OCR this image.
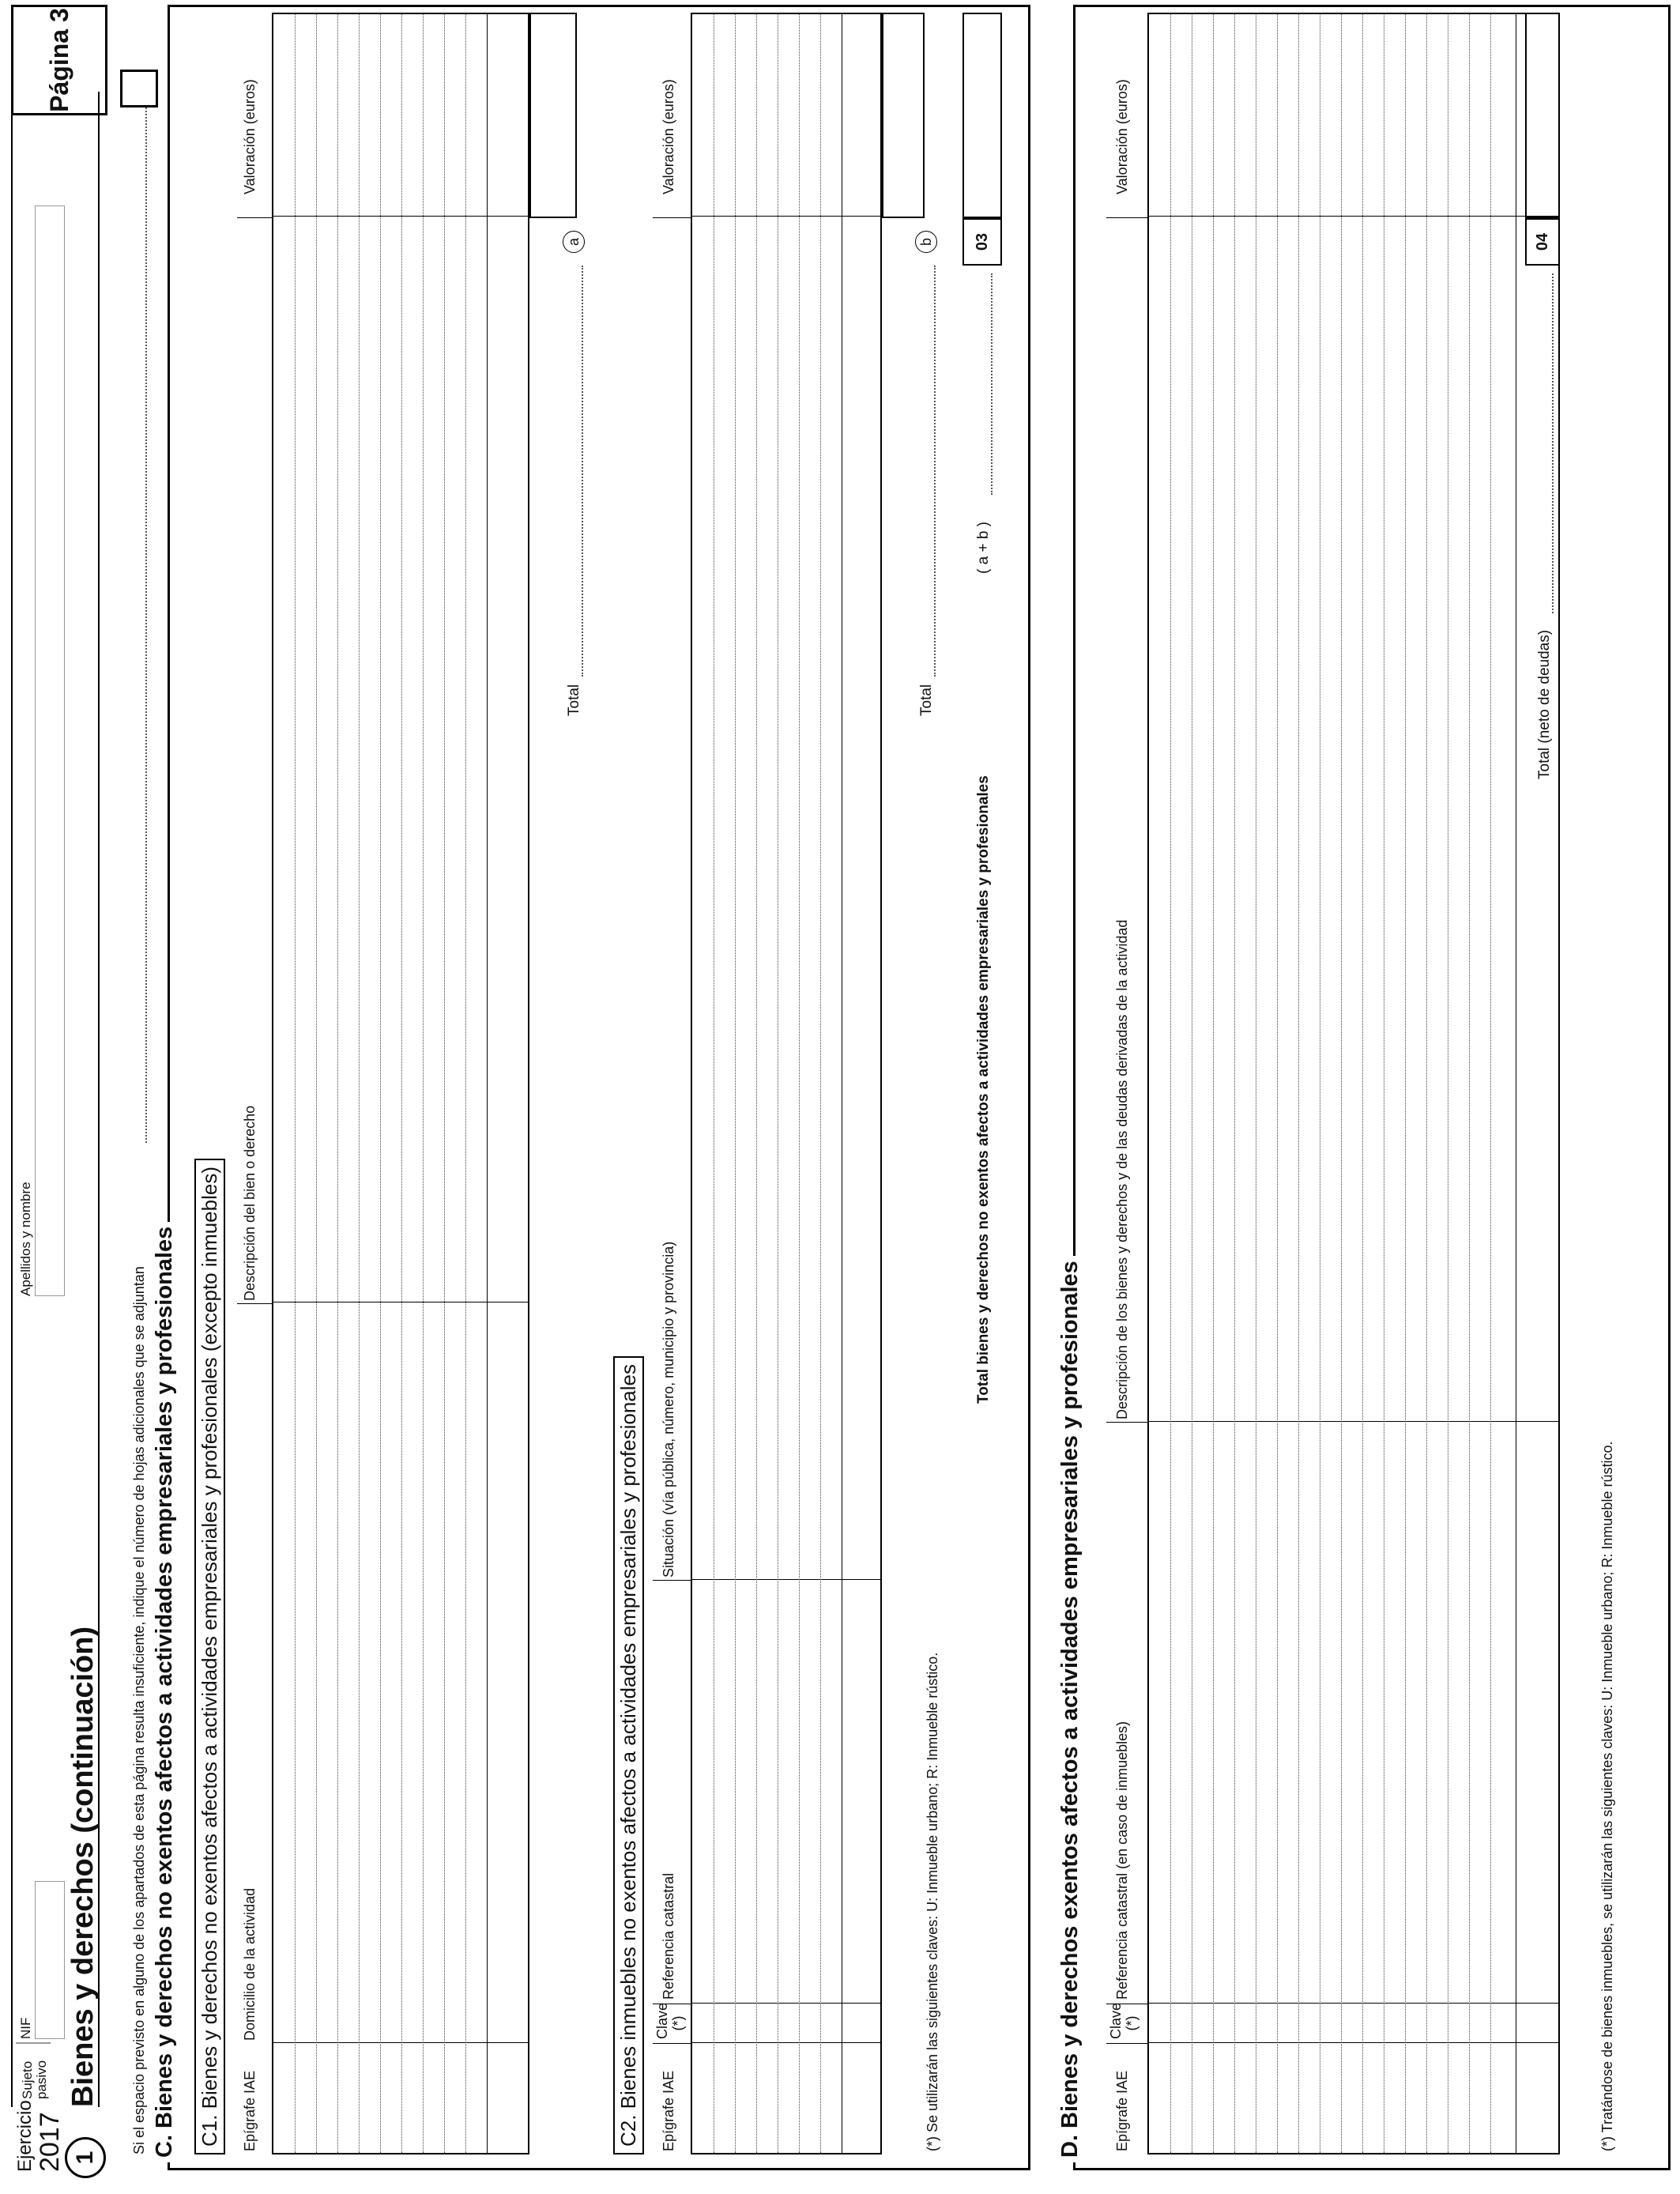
Ejercicio 2017
Sujeto pasivo
NIF
Apellidos y nombre
Página 3
1
Bienes y derechos (continuación) Si el espacio previsto en alguno de los apartados de esta página resulta insuficiente, indique el número de hojas adicionales que se adjuntan C. Bienes y derechos no exentos afectos a actividades empresariales y profesionales C1. Bienes y derechos no exentos afectos a actividades empresariales y profesionales (excepto inmuebles) Epígrafe IAE
Domicilio de la actividad
Descripción del bien o derecho
Valoración (euros)
Total
a
C2. Bienes inmuebles no exentos afectos a actividades empresariales y profesionales Epígrafe IAE
Clave (*)
Referencia catastral
Situación (vía pública, número, municipio y provincia)
Valoración (euros)
(*) Se utilizarán las siguientes claves: U: Inmueble urbano; R: Inmueble rústico.
Total
b
Total bienes y derechos no exentos afectos a actividades empresariales y profesionales
( a + b )
03
D. Bienes y derechos exentos afectos a actividades empresariales y profesionales Epígrafe IAE
Clave (*)
Referencia catastral (en caso de inmuebles)
Descripción de los bienes y derechos y de las deudas derivadas de la actividad
Valoración (euros)
Total (neto de deudas)
04
(*) Tratándose de bienes inmuebles, se utilizarán las siguientes claves: U: Inmueble urbano; R: Inmueble rústico.
